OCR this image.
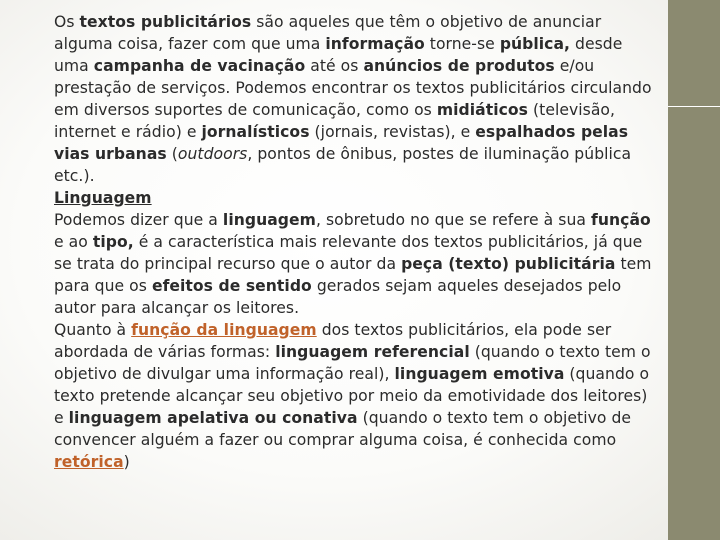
Os textos publicitários são aqueles que têm o objetivo de anunciar alguma coisa, fazer com que uma informação torne-se pública, desde uma campanha de vacinação até os anúncios de produtos e/ou prestação de serviços. Podemos encontrar os textos publicitários circulando em diversos suportes de comunicação, como os midiáticos (televisão, internet e rádio) e jornalísticos (jornais, revistas), e espalhados pelas vias urbanas (outdoors, pontos de ônibus, postes de iluminação pública etc.).

Linguagem

Podemos dizer que a linguagem, sobretudo no que se refere à sua função e ao tipo, é a característica mais relevante dos textos publicitários, já que se trata do principal recurso que o autor da peça (texto) publicitária tem para que os efeitos de sentido gerados sejam aqueles desejados pelo autor para alcançar os leitores.

Quanto à função da linguagem dos textos publicitários, ela pode ser abordada de várias formas: linguagem referencial (quando o texto tem o objetivo de divulgar uma informação real), linguagem emotiva (quando o texto pretende alcançar seu objetivo por meio da emotividade dos leitores) e linguagem apelativa ou conativa (quando o texto tem o objetivo de convencer alguém a fazer ou comprar alguma coisa, é conhecida como retórica)
